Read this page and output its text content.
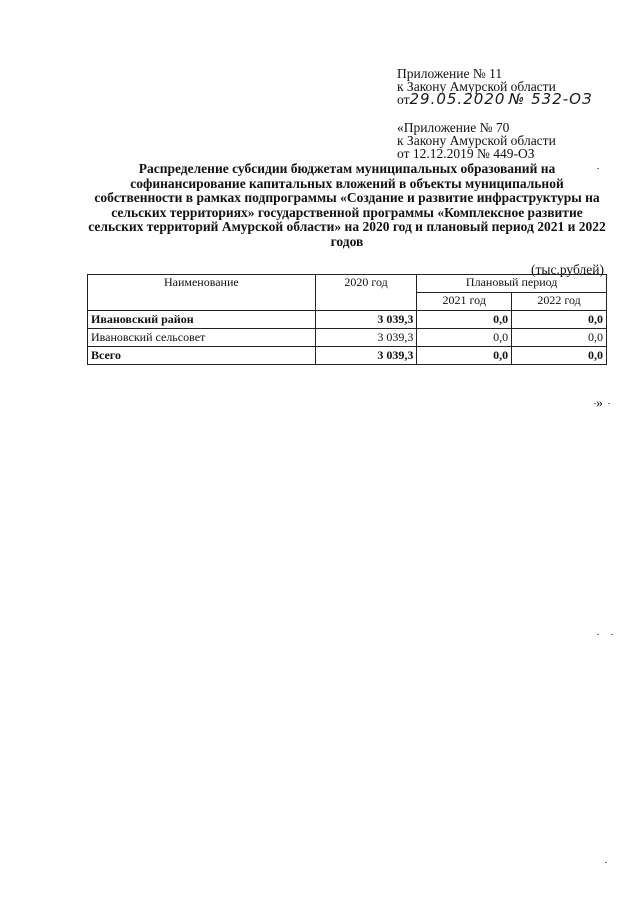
Приложение № 11
к Закону Амурской области
от29.05.2020 № 532-ОЗ
«Приложение № 70
к Закону Амурской области
от 12.12.2019 № 449-ОЗ
Распределение субсидии бюджетам муниципальных образований на софинансирование капитальных вложений в объекты муниципальной собственности в рамках подпрограммы «Создание и развитие инфраструктуры на сельских территориях» государственной программы «Комплексное развитие сельских территорий Амурской области» на 2020 год и плановый период 2021 и 2022 годов
(тыс.рублей)
Наименование	2020 год	Плановый период	
		2021 год	2022 год
Ивановский район	3 039,3	0,0	0,0
Ивановский сельсовет	3 039,3	0,0	0,0
Всего	3 039,3	0,0	0,0
»
